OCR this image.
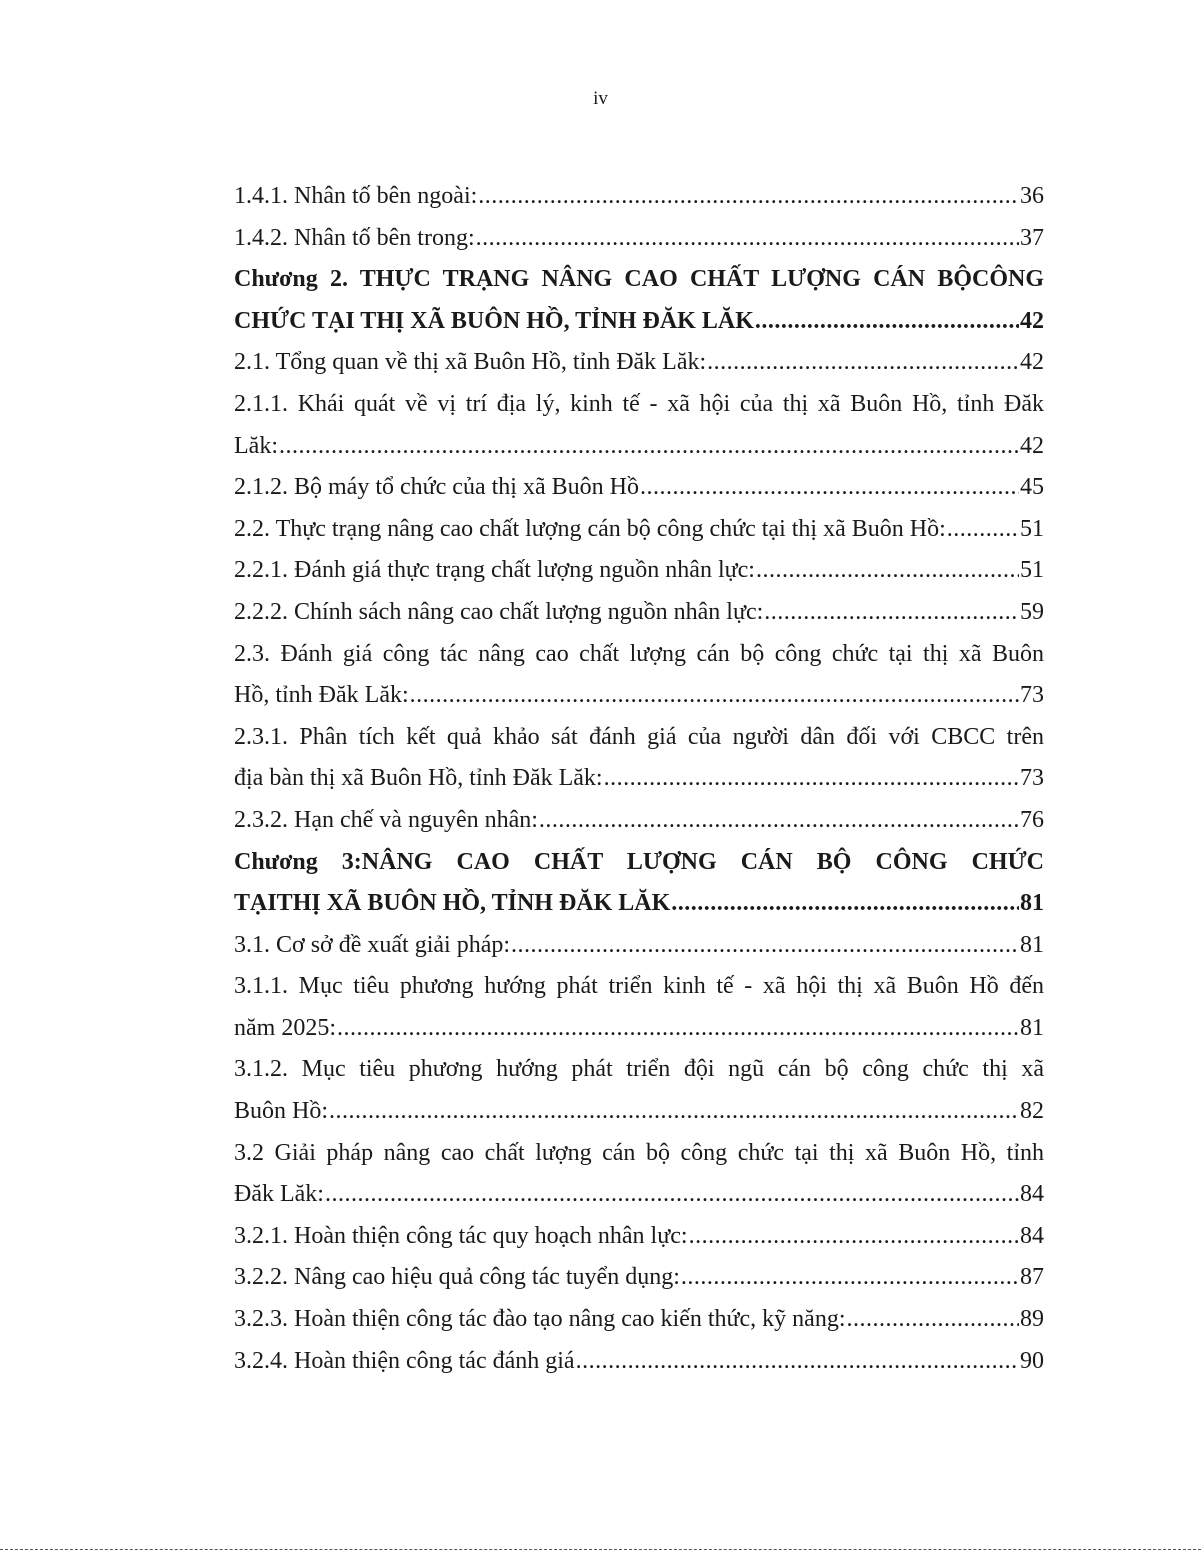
iv
1.4.1. Nhân tố bên ngoài: .....	36
1.4.2. Nhân tố bên trong: .....	37
Chương 2. THỰC TRẠNG NÂNG CAO CHẤT LƯỢNG CÁN BỘCÔNG
CHỨC TẠI THỊ XÃ BUÔN HỒ, TỈNH ĐĂK LĂK .....	42
2.1. Tổng quan về thị xã Buôn Hồ, tỉnh Đăk Lăk: .....	42
2.1.1. Khái quát về vị trí địa lý, kinh tế - xã hội của thị xã Buôn Hồ, tỉnh Đăk
Lăk: .....	42
2.1.2. Bộ máy tổ chức của thị xã Buôn Hồ .....	45
2.2. Thực trạng nâng cao chất lượng cán bộ công chức tại thị xã Buôn Hồ: .....	51
2.2.1. Đánh giá thực trạng chất lượng nguồn nhân lực: .....	51
2.2.2. Chính sách nâng cao chất lượng nguồn nhân lực: .....	59
2.3. Đánh giá công tác nâng cao chất lượng cán bộ công chức tại thị xã Buôn
Hồ, tỉnh Đăk Lăk: .....	73
2.3.1. Phân tích kết quả khảo sát đánh giá của người dân đối với CBCC trên
địa bàn thị xã Buôn Hồ, tỉnh Đăk Lăk: .....	73
2.3.2. Hạn chế và nguyên nhân: .....	76
Chương 3:NÂNG CAO CHẤT LƯỢNG CÁN BỘ CÔNG CHỨC
TẠITHỊ XÃ BUÔN HỒ, TỈNH ĐĂK LĂK .....	81
3.1. Cơ sở đề xuất giải pháp: .....	81
3.1.1. Mục tiêu phương hướng phát triển kinh tế - xã hội thị xã Buôn Hồ đến
năm 2025: .....	81
3.1.2. Mục tiêu phương hướng phát triển đội ngũ cán bộ công chức thị xã
Buôn Hồ: .....	82
3.2 Giải pháp nâng cao chất lượng cán bộ công chức tại thị xã Buôn Hồ, tỉnh
Đăk Lăk: .....	84
3.2.1. Hoàn thiện công tác quy hoạch nhân lực: .....	84
3.2.2. Nâng cao hiệu quả công tác tuyển dụng: .....	87
3.2.3. Hoàn thiện công tác đào tạo nâng cao kiến thức, kỹ năng: .....	89
3.2.4. Hoàn thiện công tác đánh giá .....	90
